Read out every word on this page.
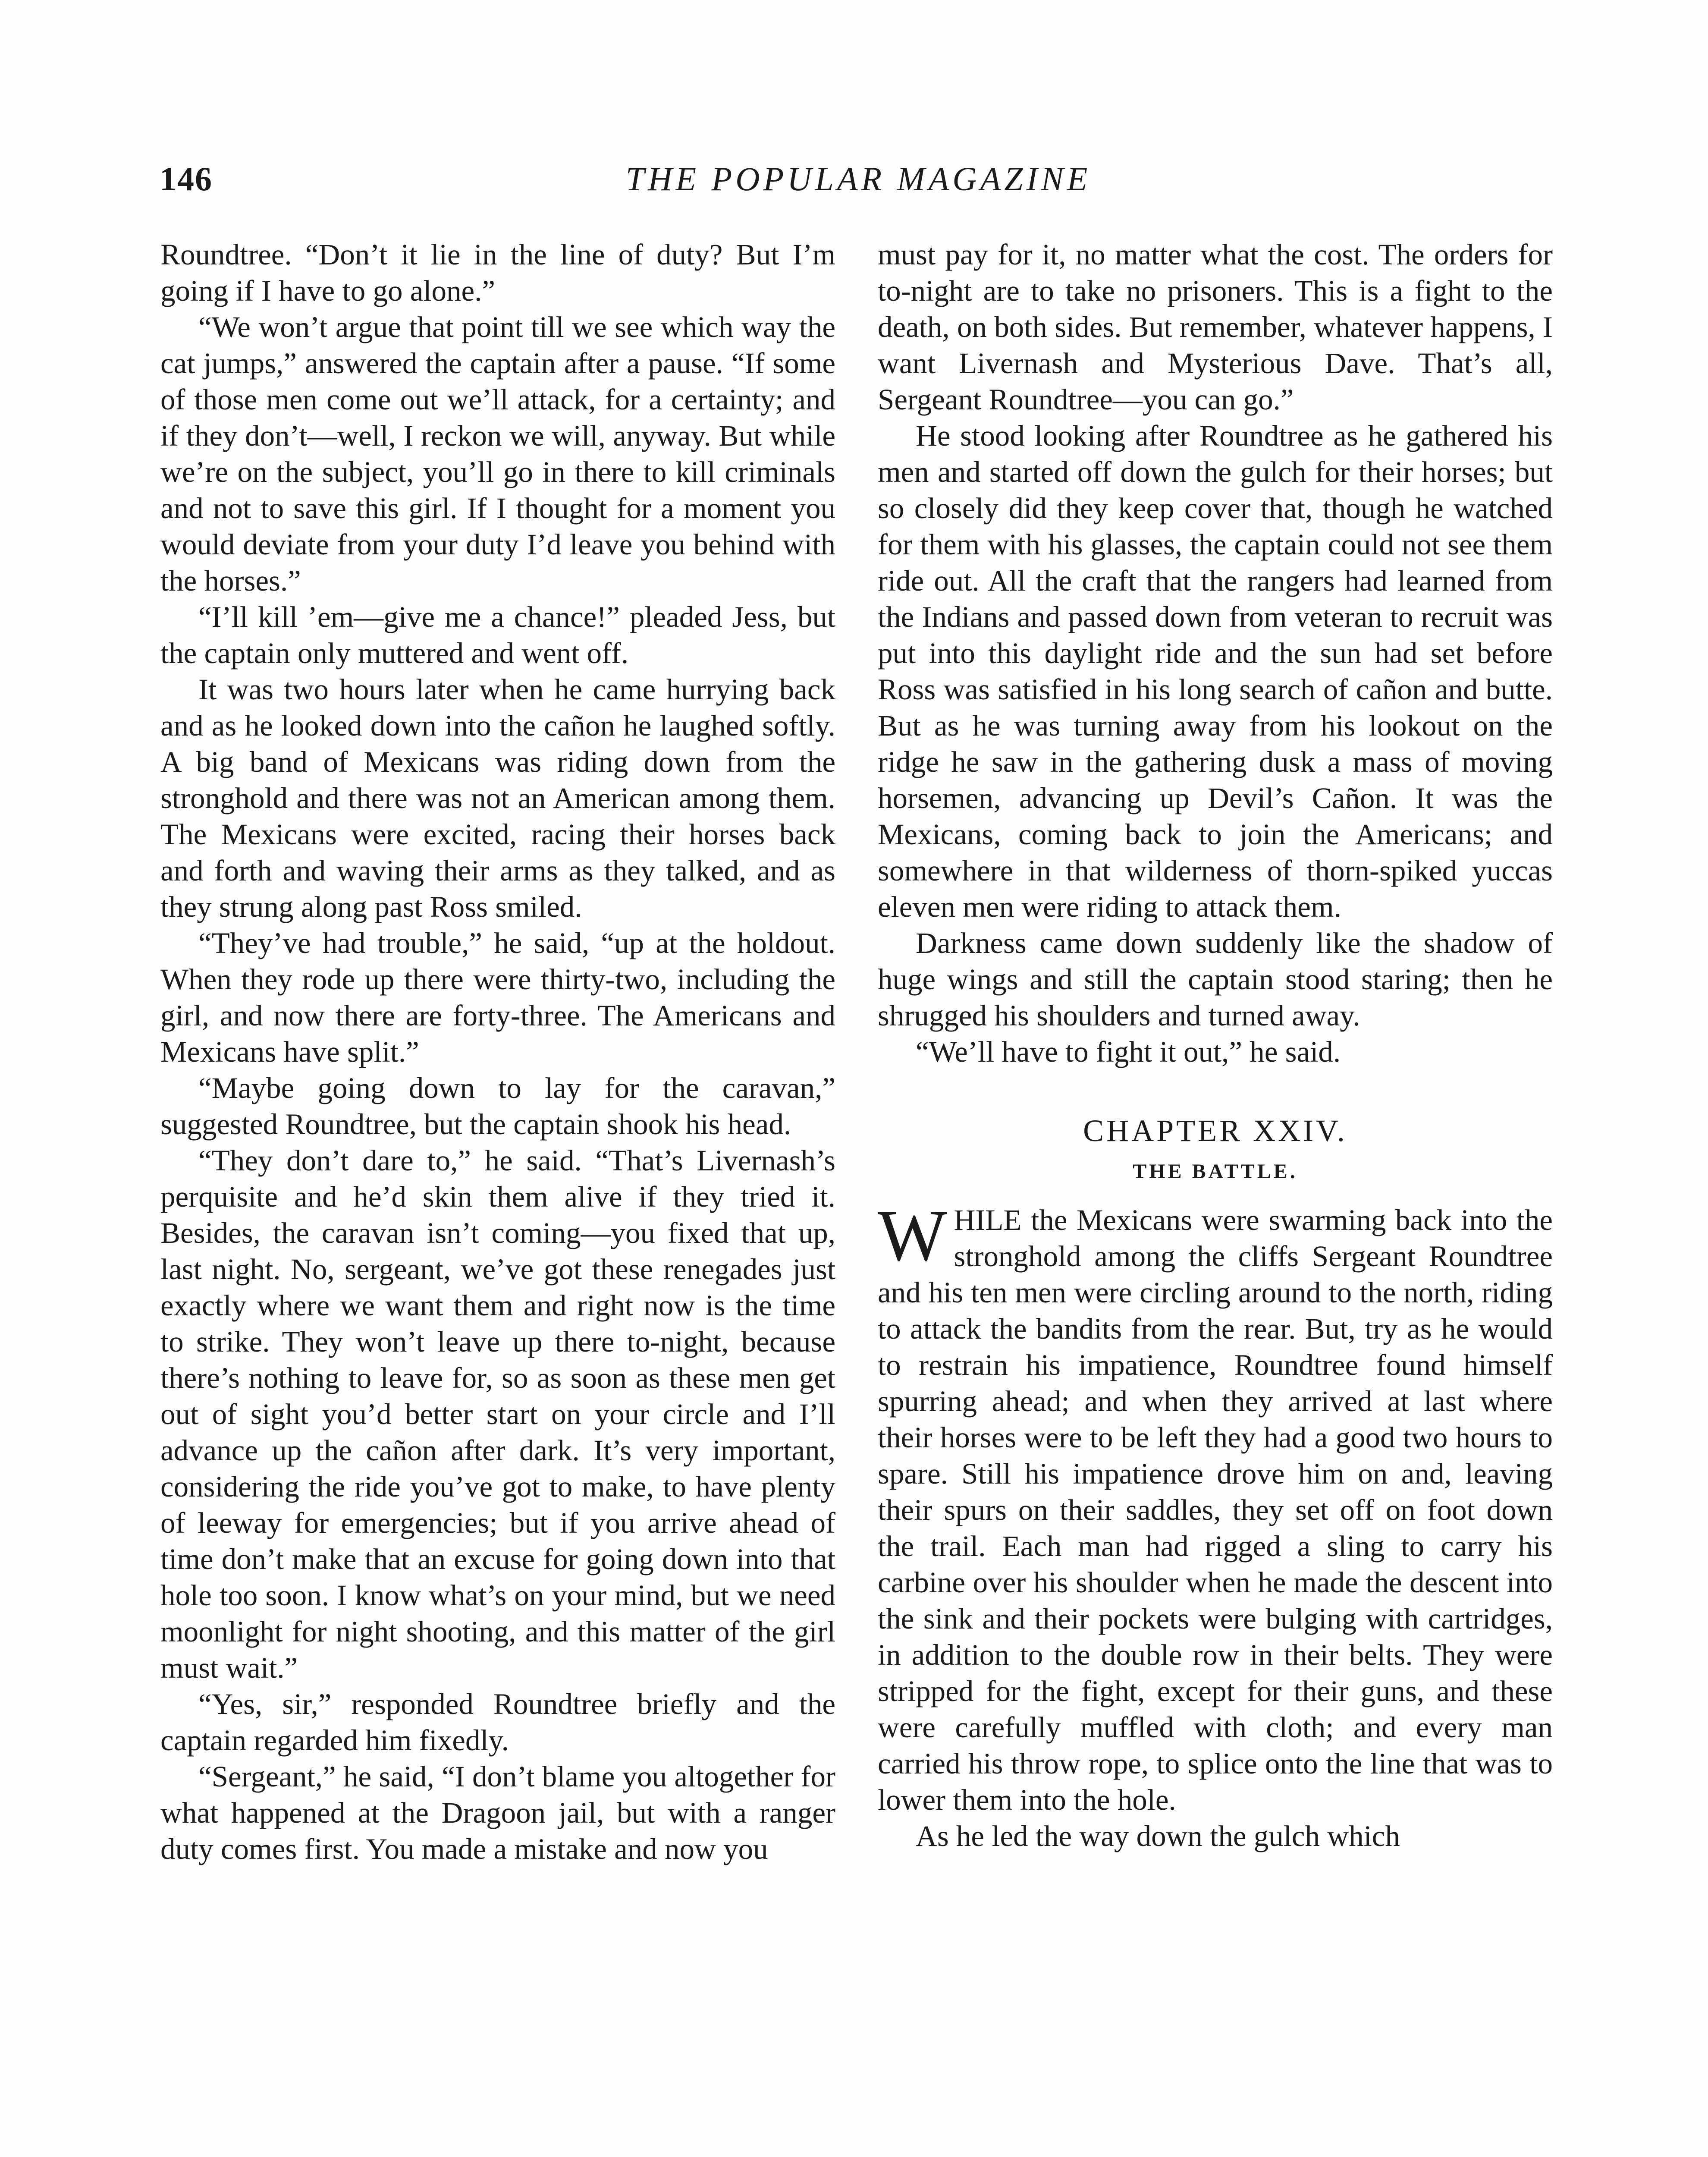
146	THE POPULAR MAGAZINE

Roundtree. “Don’t it lie in the line of duty? But I’m going if I have to go alone.”

“We won’t argue that point till we see which way the cat jumps,” answered the captain after a pause. “If some of those men come out we’ll attack, for a certainty; and if they don’t—well, I reckon we will, anyway. But while we’re on the subject, you’ll go in there to kill criminals and not to save this girl. If I thought for a moment you would deviate from your duty I’d leave you behind with the horses.”

“I’ll kill ’em—give me a chance!” pleaded Jess, but the captain only muttered and went off.

It was two hours later when he came hurrying back and as he looked down into the cañon he laughed softly. A big band of Mexicans was riding down from the stronghold and there was not an American among them. The Mexicans were excited, racing their horses back and forth and waving their arms as they talked, and as they strung along past Ross smiled.

“They’ve had trouble,” he said, “up at the holdout. When they rode up there were thirty-two, including the girl, and now there are forty-three. The Americans and Mexicans have split.”

“Maybe going down to lay for the caravan,” suggested Roundtree, but the captain shook his head.

“They don’t dare to,” he said. “That’s Livernash’s perquisite and he’d skin them alive if they tried it. Besides, the caravan isn’t coming—you fixed that up, last night. No, sergeant, we’ve got these renegades just exactly where we want them and right now is the time to strike. They won’t leave up there to-night, because there’s nothing to leave for, so as soon as these men get out of sight you’d better start on your circle and I’ll advance up the cañon after dark. It’s very important, considering the ride you’ve got to make, to have plenty of leeway for emergencies; but if you arrive ahead of time don’t make that an excuse for going down into that hole too soon. I know what’s on your mind, but we need moonlight for night shooting, and this matter of the girl must wait.”

“Yes, sir,” responded Roundtree briefly and the captain regarded him fixedly.

“Sergeant,” he said, “I don’t blame you altogether for what happened at the Dragoon jail, but with a ranger duty comes first. You made a mistake and now you

must pay for it, no matter what the cost. The orders for to-night are to take no prisoners. This is a fight to the death, on both sides. But remember, whatever happens, I want Livernash and Mysterious Dave. That’s all, Sergeant Roundtree—you can go.”

He stood looking after Roundtree as he gathered his men and started off down the gulch for their horses; but so closely did they keep cover that, though he watched for them with his glasses, the captain could not see them ride out. All the craft that the rangers had learned from the Indians and passed down from veteran to recruit was put into this daylight ride and the sun had set before Ross was satisfied in his long search of cañon and butte. But as he was turning away from his lookout on the ridge he saw in the gathering dusk a mass of moving horsemen, advancing up Devil’s Cañon. It was the Mexicans, coming back to join the Americans; and somewhere in that wilderness of thorn-spiked yuccas eleven men were riding to attack them.

Darkness came down suddenly like the shadow of huge wings and still the captain stood staring; then he shrugged his shoulders and turned away.

“We’ll have to fight it out,” he said.

CHAPTER XXIV.

THE BATTLE.

WHILE the Mexicans were swarming back into the stronghold among the cliffs Sergeant Roundtree and his ten men were circling around to the north, riding to attack the bandits from the rear. But, try as he would to restrain his impatience, Roundtree found himself spurring ahead; and when they arrived at last where their horses were to be left they had a good two hours to spare. Still his impatience drove him on and, leaving their spurs on their saddles, they set off on foot down the trail. Each man had rigged a sling to carry his carbine over his shoulder when he made the descent into the sink and their pockets were bulging with cartridges, in addition to the double row in their belts. They were stripped for the fight, except for their guns, and these were carefully muffled with cloth; and every man carried his throw rope, to splice onto the line that was to lower them into the hole.

As he led the way down the gulch which
